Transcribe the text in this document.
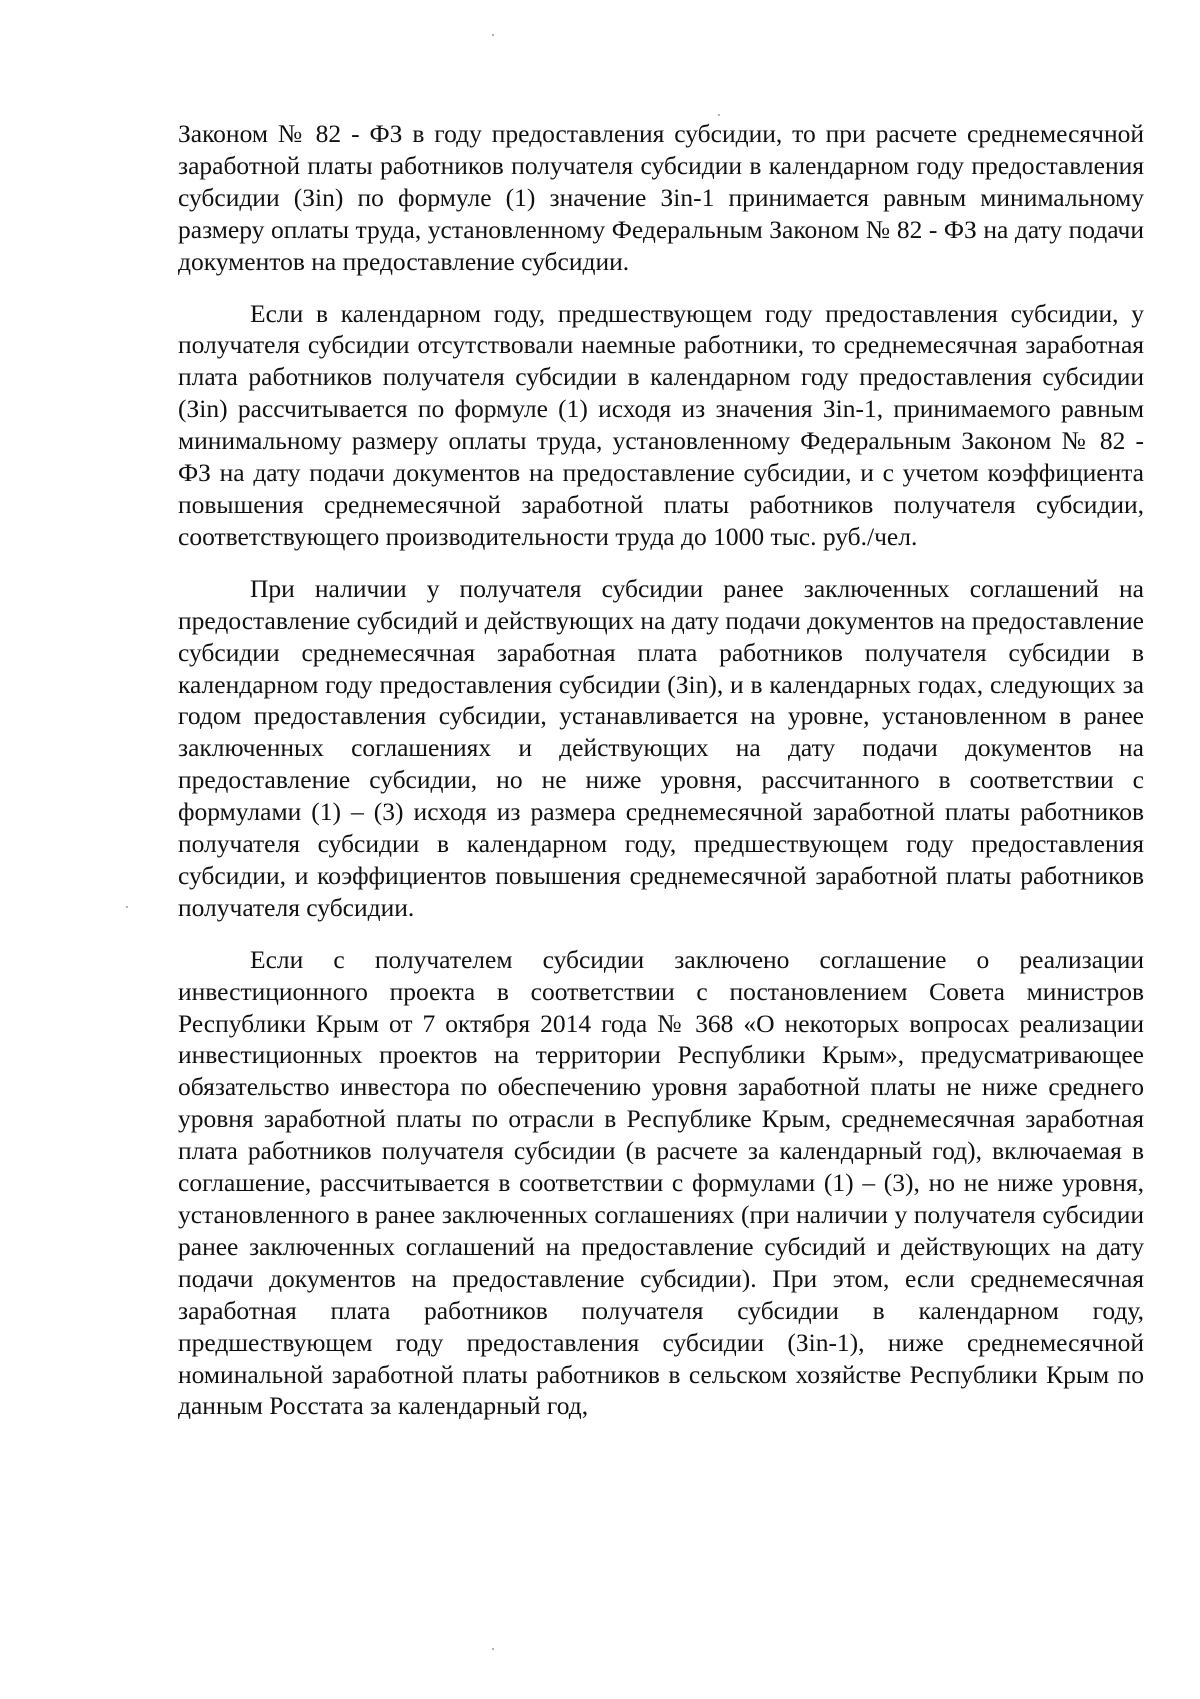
Законом № 82 - ФЗ в году предоставления субсидии, то при расчете среднемесячной заработной платы работников получателя субсидии в календарном году предоставления субсидии (Зin) по формуле (1) значение Зin-1 принимается равным минимальному размеру оплаты труда, установленному Федеральным Законом № 82 - ФЗ на дату подачи документов на предоставление субсидии.

Если в календарном году, предшествующем году предоставления субсидии, у получателя субсидии отсутствовали наемные работники, то среднемесячная заработная плата работников получателя субсидии в календарном году предоставления субсидии (Зin) рассчитывается по формуле (1) исходя из значения Зin-1, принимаемого равным минимальному размеру оплаты труда, установленному Федеральным Законом № 82 - ФЗ на дату подачи документов на предоставление субсидии, и с учетом коэффициента повышения среднемесячной заработной платы работников получателя субсидии, соответствующего производительности труда до 1000 тыс. руб./чел.

При наличии у получателя субсидии ранее заключенных соглашений на предоставление субсидий и действующих на дату подачи документов на предоставление субсидии среднемесячная заработная плата работников получателя субсидии в календарном году предоставления субсидии (Зin), и в календарных годах, следующих за годом предоставления субсидии, устанавливается на уровне, установленном в ранее заключенных соглашениях и действующих на дату подачи документов на предоставление субсидии, но не ниже уровня, рассчитанного в соответствии с формулами (1) – (3) исходя из размера среднемесячной заработной платы работников получателя субсидии в календарном году, предшествующем году предоставления субсидии, и коэффициентов повышения среднемесячной заработной платы работников получателя субсидии.

Если с получателем субсидии заключено соглашение о реализации инвестиционного проекта в соответствии с постановлением Совета министров Республики Крым от 7 октября 2014 года № 368 «О некоторых вопросах реализации инвестиционных проектов на территории Республики Крым», предусматривающее обязательство инвестора по обеспечению уровня заработной платы не ниже среднего уровня заработной платы по отрасли в Республике Крым, среднемесячная заработная плата работников получателя субсидии (в расчете за календарный год), включаемая в соглашение, рассчитывается в соответствии с формулами (1) – (3), но не ниже уровня, установленного в ранее заключенных соглашениях (при наличии у получателя субсидии ранее заключенных соглашений на предоставление субсидий и действующих на дату подачи документов на предоставление субсидии). При этом, если среднемесячная заработная плата работников получателя субсидии в календарном году, предшествующем году предоставления субсидии (Зin-1), ниже среднемесячной номинальной заработной платы работников в сельском хозяйстве Республики Крым по данным Росстата за календарный год,
